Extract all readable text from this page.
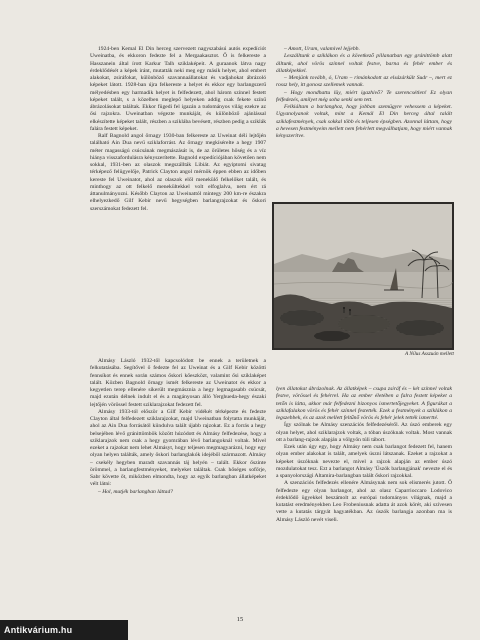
1924-ben Kemal El Din herceg szervezett nagyszabású autós expedíciót Uweinatba, és ekkoron fedezte fel a Mergaakasztot. Ő is felkereste a Hasszanein által írott Karkur Talh sziklaképeit. A guraanok látva nagy érdeklődését a képek iránt, mutatták neki meg egy másik helyet, ahol embert alakokat, zsiráfokat, különböző szavannaállatokat és vadjahokat ábrázoló képeket látott. 1928-ban újra felkereste a helyet és ekkor egy barlangszerű mélyedésben egy harmadik helyet is felfedezett, ahol három színnel festett képeket talált, s a közelben meglepő helyeken addig csak fekete színű ábrázolásokat találtak. Ekkor fügedi fel igazán a tudományos világ ezekre az ősi rajzokra. Uweinatban végezte munkáját, és különböző ajánlással elkészítette képeket talált, részben a sziklába bevésett, részben pedig a sziklák falára festett képeket.

Ralf Bagnold angol őrnagy 1930-ban felkereste az Uweinat déli lejtőjén található Ain Dua nevű sziklaforrást. Az őrnagy megkísérelte a hegy 1907 méter magasságú csúcsának megmászását is, de az őrületes hőség és a víz hiánya visszafordulásra kényszerítette. Bagnold expedíciójában követően nem sokkal, 1931-ben az olaszok megszállták Libiát. Az egyiptomi sivatag térképező felügyelője, Patrick Clayton angol mérnök éppen ebben az időben kereste fel Uweinatot, ahol az olaszok elől menekülő felkelőket talált, és minthogy az ott felkelő menekültekkel volt elfoglalva, nem ért rá áttanulmányozni. Később Clayton az Uweinattól mintegy 200 km-re északra elhelyezkedő Gilf Kebir nevű hegységben barlangrajzokat és őskori szerszámokat fedezett fel.

– Amott, Uram, valamivel lejjebb.

Leszálltunk a sziklákon és a következő pillanatban egy gránittömb alatt álltunk, ahol vörös színnel voltak festve, barna és fehér ember és állatképekkel.

– Menjünk tovább, ó, Uram – rimánkodott az elsázárkült Sudr –, mert ez rossz hely, itt gonosz szellemek vannak.

– Hogy mondhattu lüy, miért igazhivő? Te szerencsétlen! Ez olyan felfedezés, amilyet még soha senki sem tett.

Felkiáltam a barlanghoz, hogy jobban szemügyre vehessem a képeket. Ugyanolyanok voltak, mint a Kemál El Din herceg által talált sziklafestmények, csak sokkal több és teljesen épségben. Azonnal láttam, hogy a hevesen festményeim mellett nem fehérlett megválhatjam, hogy miért vannak kényszerítve.

A Nílus Asszuán mellett

Almásy László 1932-től kapcsolódott be ennek a területnek a felkutatásába. Segítővel ő fedezte fel az Uweinat és a Gilf Kebir közötti fennsíkot és ennek során számos őskori kőeszközt, valamint ősi sziklaképet talált. Közben Bagnold őrnagy ismét felkereste az Uweinatot és ekkor a kegyetlen terep ellenére sikerült megmásznia a hegy legmagasabb csúcsát, majd ezután délnek indult el és a magányosan álló Yerghueda-hegy északi lejtőjén vörössel festett sziklarajzokat fedezett fel.

Almásy 1933-tól először a Gilf Kebir vidékét térképezte és fedezte Clayton által felfedezett sziklarajzokat, majd Uweinatban folytatta munkáját, ahol az Ain Dua forrásától kiindulva talált újabb rajzokat. Ez a forrás a hegy belsejében lévő gránittömbök között húzódott és Almásy felfedezése, hogy a sziklarajzok nem csak a hegy gyomrában lévő barlangoknál voltak. Mivel ezeket a rajzokat nem lehet Almásyt, hogy teljesen megmagyarázni, hogy egy olyan helyen találták, amely őskori barlanglakók idejéből származott. Almásy – csekély hegyben maradt szavannás táj helyén – talált. Ekkor őszinte örömmel, a barlangfestményeket, melyeket találtak. Csak hőséges sofőrje, Sabr követte őt, miközben elmondta, hogy az egyik barlangban állatképeket vélt látni:

– Hol, mutjék barlangban láttad?

lyen állatokat ábrázolnak. Az állatképek – csupa zsiráf és – két színnel voltak festve, vörössel és fehérrel. Ha az ember életében a falra festett képeket a tetőn is látta, akkor már felfedezni bizonyos ismertetőjegyeket. A figurákat a sziklafalakon vörös és fehér színnel festették. Ezek a festmények a sziklákon a legszebbek, és az azok mellett feltűnő vörös és fehér jelek tették ismertté.

Így szólnak be Almásy szenzációs felfedezéséről. Az úszó emberek egy olyan helyet, ahol sziklarajzok voltak, a tóban úszóknak voltak. Most vannak ott a barlang-rajzok alapján a völgyön túli tábort.

Ezek után úgy egy, hogy Almásy nem csak barlangot fedezett fel, hanem olyan ember alakokat is talált, amelyek úszni látszanak. Ezeket a rajzokat a képeket úszóknak nevezte el, mivel a rajzok alapján az ember úszó mozdulatokat tesz. Ezt a barlangot Almásy 'Úszók barlangjának' nevezte el és a spanyolországi Altamira-barlangban talált őskori rajzokkal.

A szenzációs felfedezés ellenére Almásynak nem sok elismerés jutott. Ő felfedezte egy olyan barlangot, ahol az olasz Caparrioccaro Lodovico érdeklődő ügyekkel beszámolt az európai tudományos világnak, majd a kutatást eredményekben Leo Frobeniusnak adatta át azok körét, aki szívesen vette a kutatás tárgyát hagyatékban. Az úszók barlangja azonban ma is Almásy László nevét viseli.

15
Antikvárium.hu
